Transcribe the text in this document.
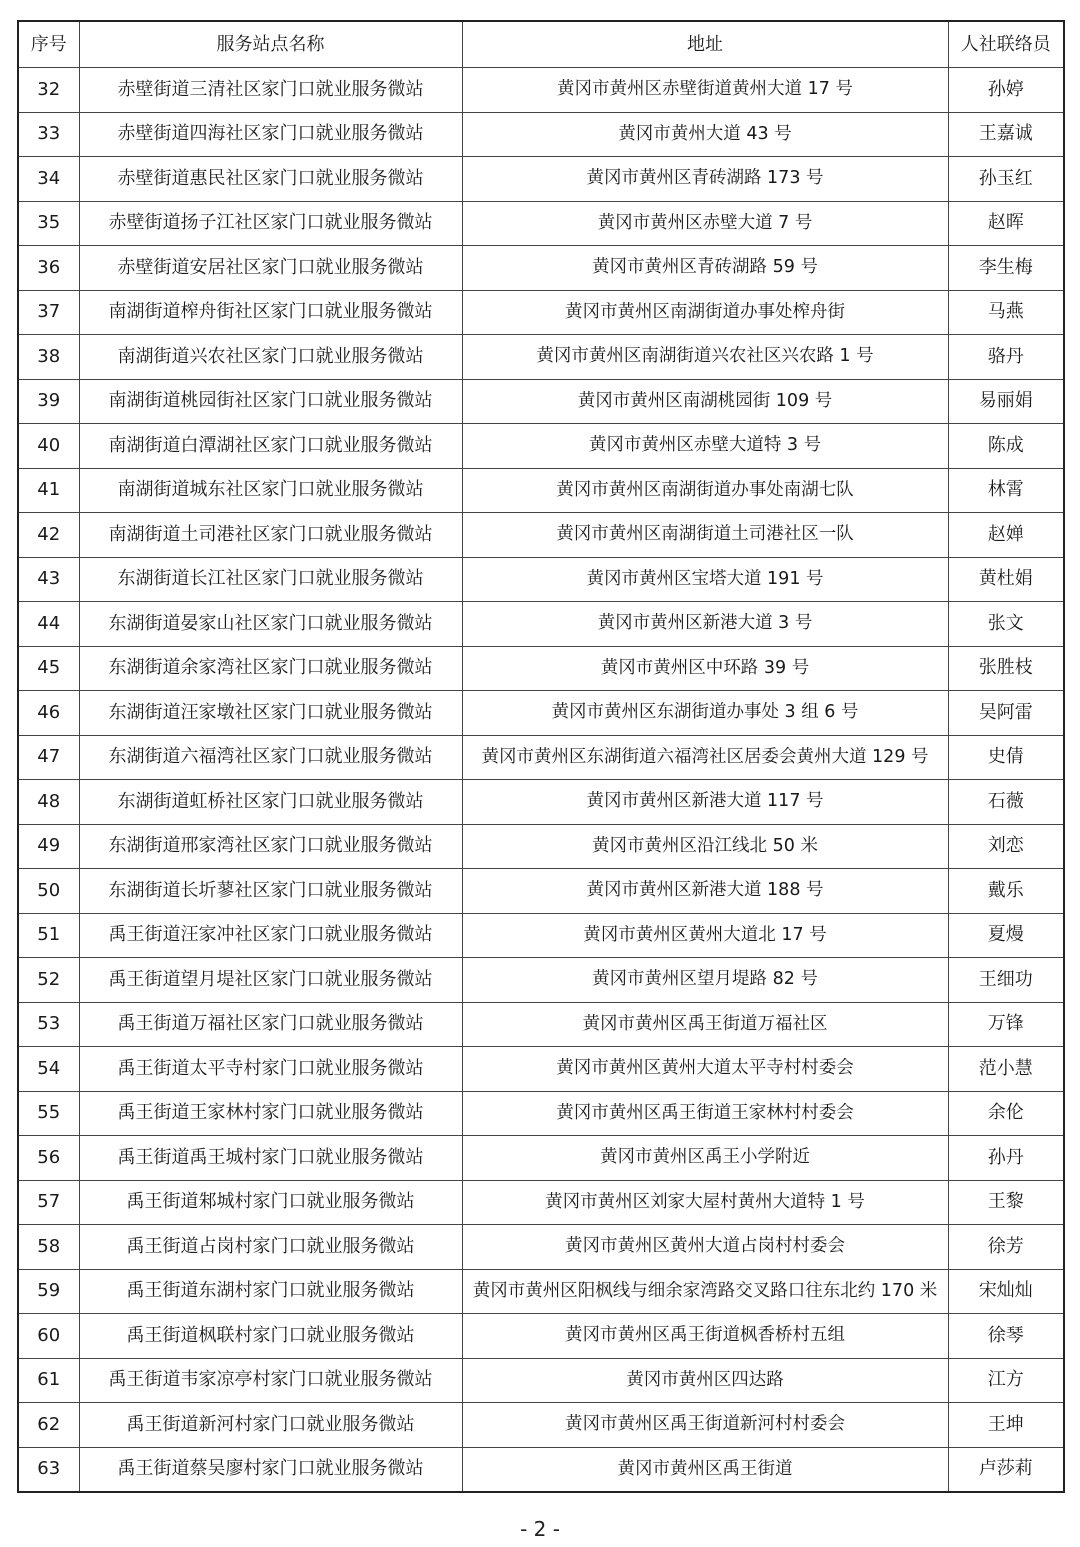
序号	服务站点名称	地址	人社联络员
32	赤壁街道三清社区家门口就业服务微站	黄冈市黄州区赤壁街道黄州大道 17 号	孙婷
33	赤壁街道四海社区家门口就业服务微站	黄冈市黄州大道 43 号	王嘉诚
34	赤壁街道惠民社区家门口就业服务微站	黄冈市黄州区青砖湖路 173 号	孙玉红
35	赤壁街道扬子江社区家门口就业服务微站	黄冈市黄州区赤壁大道 7 号	赵晖
36	赤壁街道安居社区家门口就业服务微站	黄冈市黄州区青砖湖路 59 号	李生梅
37	南湖街道榨舟街社区家门口就业服务微站	黄冈市黄州区南湖街道办事处榨舟街	马燕
38	南湖街道兴农社区家门口就业服务微站	黄冈市黄州区南湖街道兴农社区兴农路 1 号	骆丹
39	南湖街道桃园街社区家门口就业服务微站	黄冈市黄州区南湖桃园街 109 号	易丽娟
40	南湖街道白潭湖社区家门口就业服务微站	黄冈市黄州区赤壁大道特 3 号	陈成
41	南湖街道城东社区家门口就业服务微站	黄冈市黄州区南湖街道办事处南湖七队	林霄
42	南湖街道土司港社区家门口就业服务微站	黄冈市黄州区南湖街道土司港社区一队	赵婵
43	东湖街道长江社区家门口就业服务微站	黄冈市黄州区宝塔大道 191 号	黄杜娟
44	东湖街道晏家山社区家门口就业服务微站	黄冈市黄州区新港大道 3 号	张文
45	东湖街道余家湾社区家门口就业服务微站	黄冈市黄州区中环路 39 号	张胜枝
46	东湖街道汪家墩社区家门口就业服务微站	黄冈市黄州区东湖街道办事处 3 组 6 号	吴阿雷
47	东湖街道六福湾社区家门口就业服务微站	黄冈市黄州区东湖街道六福湾社区居委会黄州大道 129 号	史倩
48	东湖街道虹桥社区家门口就业服务微站	黄冈市黄州区新港大道 117 号	石薇
49	东湖街道邢家湾社区家门口就业服务微站	黄冈市黄州区沿江线北 50 米	刘恋
50	东湖街道长圻蓼社区家门口就业服务微站	黄冈市黄州区新港大道 188 号	戴乐
51	禹王街道汪家冲社区家门口就业服务微站	黄冈市黄州区黄州大道北 17 号	夏熳
52	禹王街道望月堤社区家门口就业服务微站	黄冈市黄州区望月堤路 82 号	王细功
53	禹王街道万福社区家门口就业服务微站	黄冈市黄州区禹王街道万福社区	万锋
54	禹王街道太平寺村家门口就业服务微站	黄冈市黄州区黄州大道太平寺村村委会	范小慧
55	禹王街道王家林村家门口就业服务微站	黄冈市黄州区禹王街道王家林村村委会	余伦
56	禹王街道禹王城村家门口就业服务微站	黄冈市黄州区禹王小学附近	孙丹
57	禹王街道邾城村家门口就业服务微站	黄冈市黄州区刘家大屋村黄州大道特 1 号	王黎
58	禹王街道占岗村家门口就业服务微站	黄冈市黄州区黄州大道占岗村村委会	徐芳
59	禹王街道东湖村家门口就业服务微站	黄冈市黄州区阳枫线与细余家湾路交叉路口往东北约 170 米	宋灿灿
60	禹王街道枫联村家门口就业服务微站	黄冈市黄州区禹王街道枫香桥村五组	徐琴
61	禹王街道韦家凉亭村家门口就业服务微站	黄冈市黄州区四达路	江方
62	禹王街道新河村家门口就业服务微站	黄冈市黄州区禹王街道新河村村委会	王坤
63	禹王街道蔡吴廖村家门口就业服务微站	黄冈市黄州区禹王街道	卢莎莉
- 2 -
